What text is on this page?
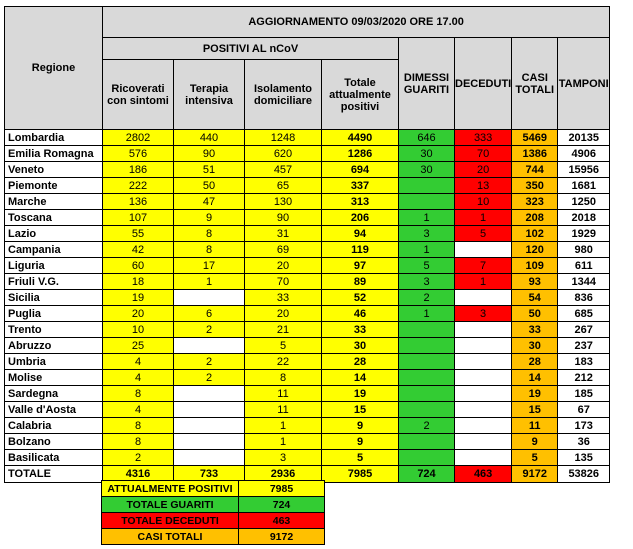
Regione	AGGIORNAMENTO 09/03/2020 ORE 17.00							
	POSITIVI AL nCoV				DIMESSI GUARITI	DECEDUTI	CASI TOTALI	TAMPONI
	Ricoverati con sintomi	Terapia intensiva	Isolamento domiciliare	Totale attualmente positivi				
Lombardia	2802	440	1248	4490	646	333	5469	20135
Emilia Romagna	576	90	620	1286	30	70	1386	4906
Veneto	186	51	457	694	30	20	744	15956
Piemonte	222	50	65	337		13	350	1681
Marche	136	47	130	313		10	323	1250
Toscana	107	9	90	206	1	1	208	2018
Lazio	55	8	31	94	3	5	102	1929
Campania	42	8	69	119	1		120	980
Liguria	60	17	20	97	5	7	109	611
Friuli V.G.	18	1	70	89	3	1	93	1344
Sicilia	19		33	52	2		54	836
Puglia	20	6	20	46	1	3	50	685
Trento	10	2	21	33			33	267
Abruzzo	25		5	30			30	237
Umbria	4	2	22	28			28	183
Molise	4	2	8	14			14	212
Sardegna	8		11	19			19	185
Valle d'Aosta	4		11	15			15	67
Calabria	8		1	9	2		11	173
Bolzano	8		1	9			9	36
Basilicata	2		3	5			5	135
TOTALE	4316	733	2936	7985	724	463	9172	53826
ATTUALMENTE POSITIVI	7985
TOTALE GUARITI	724
TOTALE DECEDUTI	463
CASI TOTALI	9172
